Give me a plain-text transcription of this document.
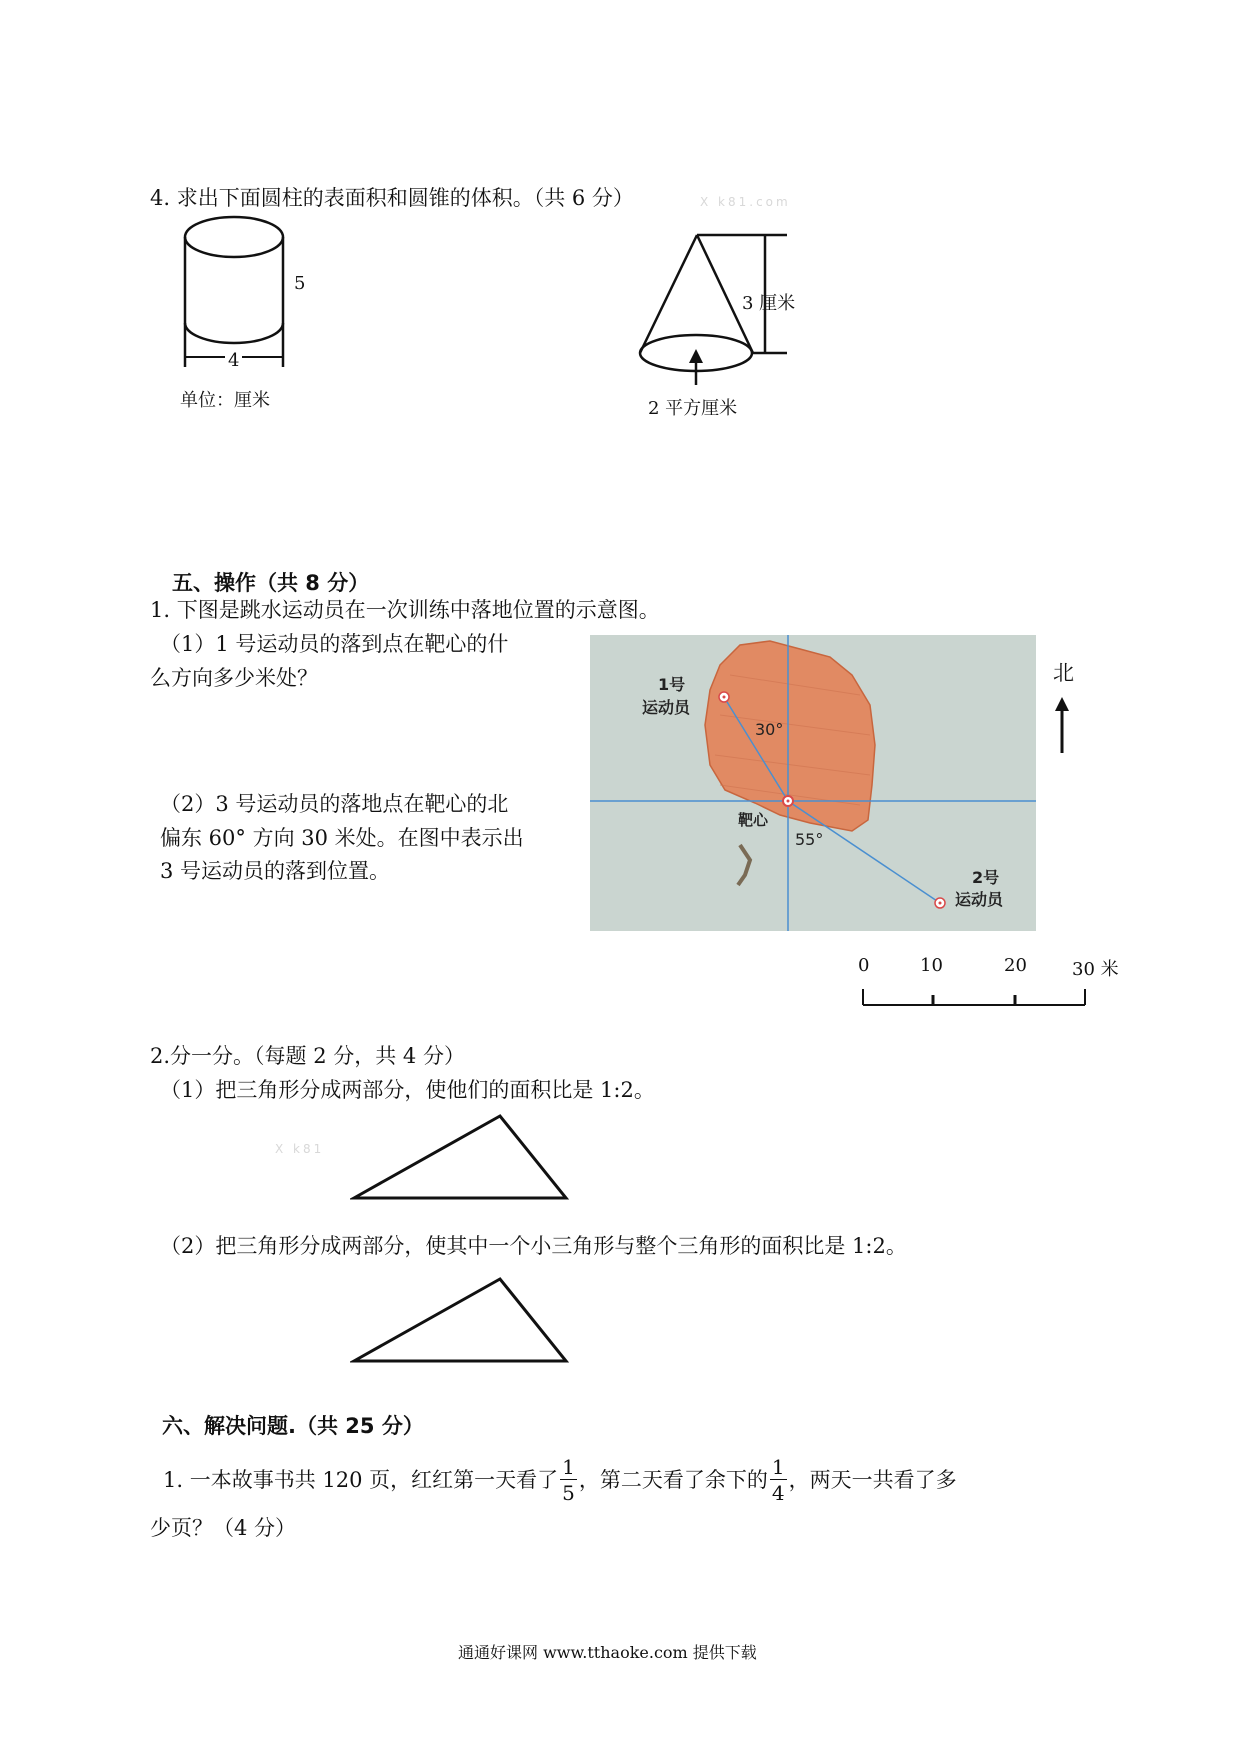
4. 求出下面圆柱的表面积和圆锥的体积。（共 6 分）	X k81.com
5
4
单位：厘米
3 厘米
2 平方厘米
五、操作（共 8 分）
1. 下图是跳水运动员在一次训练中落地位置的示意图。
（1）1 号运动员的落到点在靶心的什
么方向多少米处？
（2）3 号运动员的落地点在靶心的北
偏东 60° 方向 30 米处。在图中表示出
3 号运动员的落到位置。
1号
运动员
30°
靶心
55°
2号
运动员
北
0	10	20	30 米
2.分一分。（每题 2 分，共 4 分）
（1）把三角形分成两部分，使他们的面积比是 1:2。
X k81
（2）把三角形分成两部分，使其中一个小三角形与整个三角形的面积比是 1:2。
六、解决问题.（共 25 分）
1. 一本故事书共 120 页，红红第一天看了 $\frac{1}{5}$ ，第二天看了余下的 $\frac{1}{4}$ ，两天一共看了多
少页？（4 分）
通通好课网 www.tthaoke.com 提供下载
